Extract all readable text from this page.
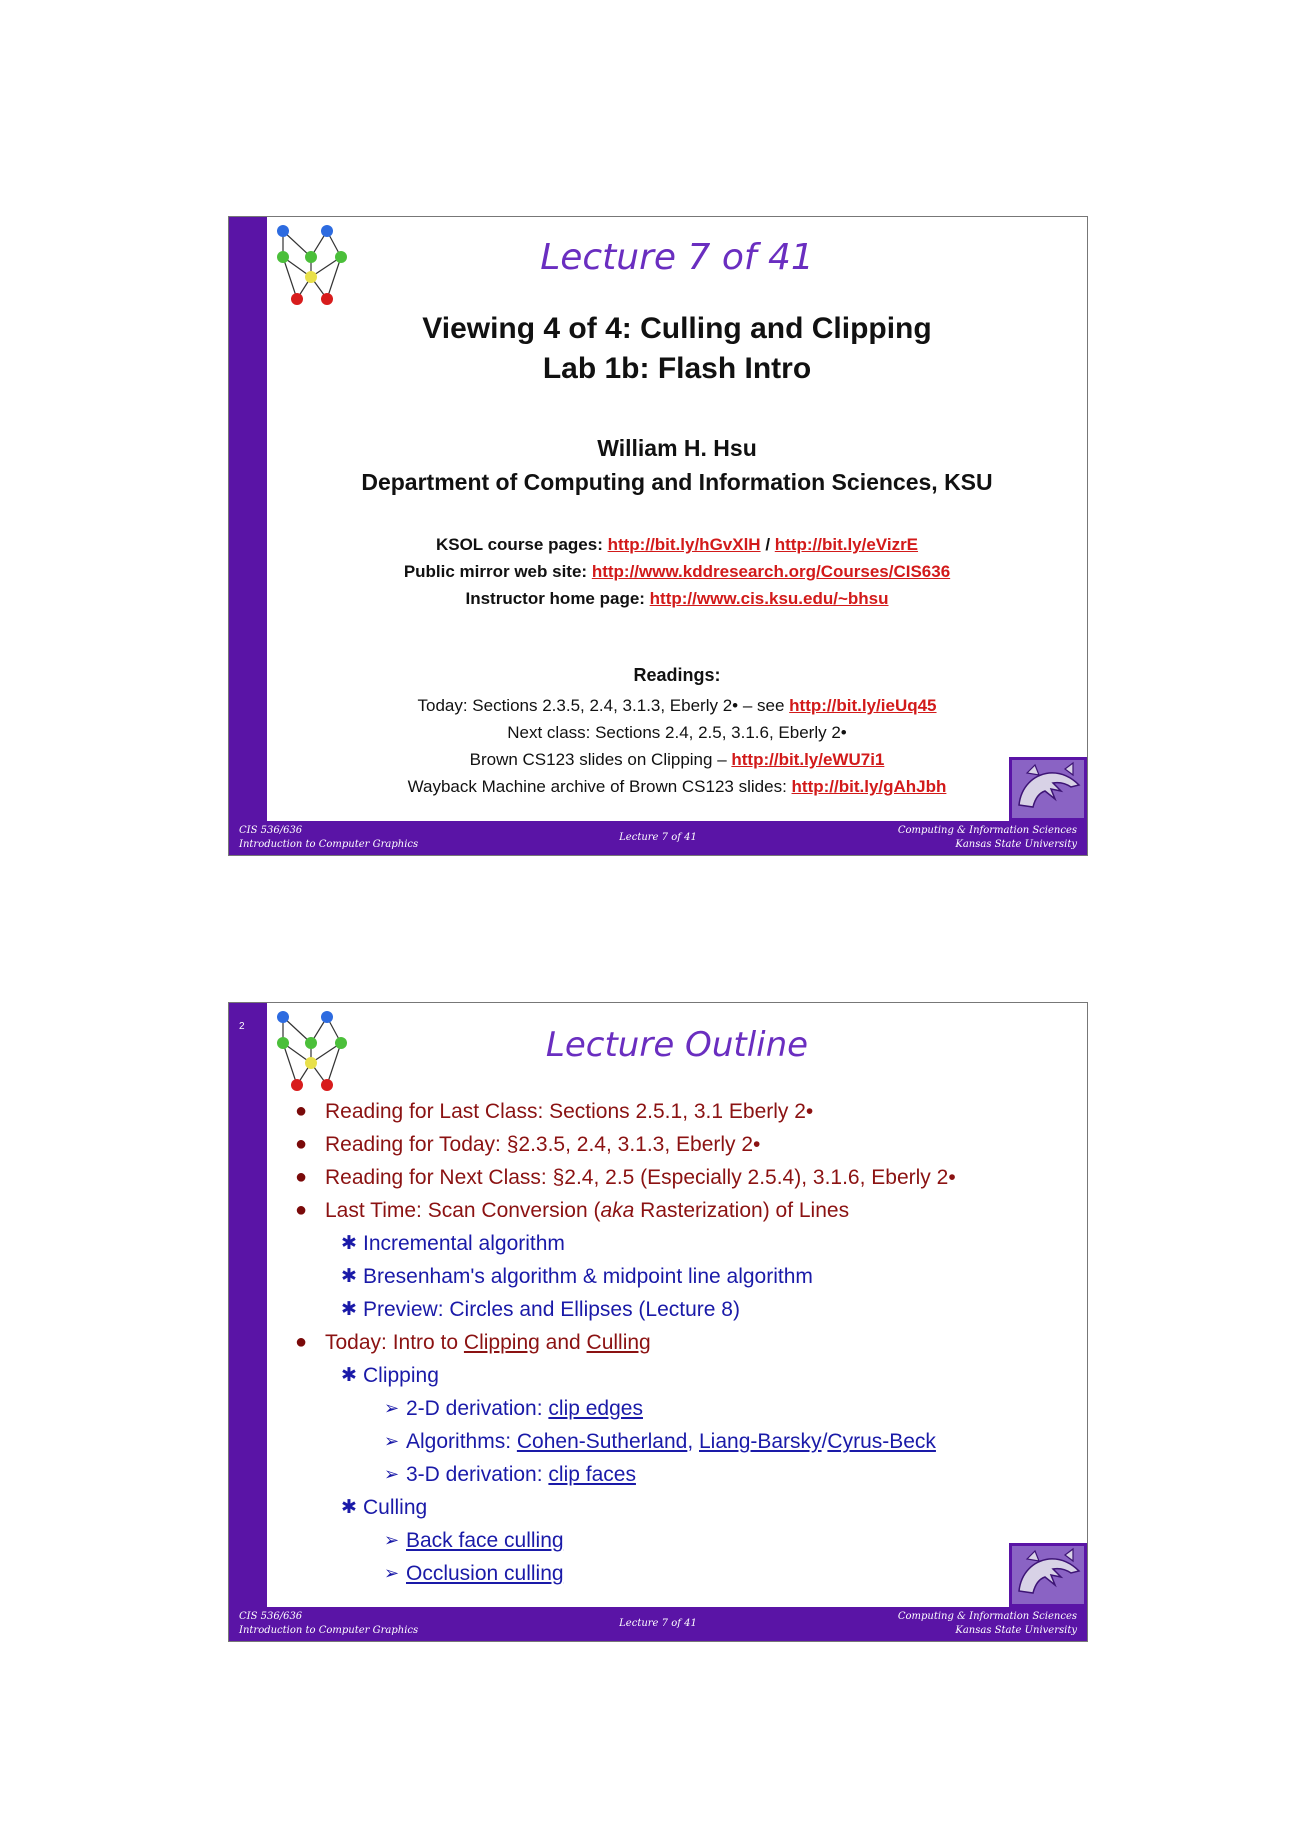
CIS 536/636
Introduction to Computer Graphics
Lecture 7 of 41
Computing & Information Sciences
Kansas State University
Lecture 7 of 41
Viewing 4 of 4: Culling and Clipping
Lab 1b: Flash Intro
William H. Hsu
Department of Computing and Information Sciences, KSU
KSOL course pages: http://bit.ly/hGvXlH / http://bit.ly/eVizrE
Public mirror web site: http://www.kddresearch.org/Courses/CIS636
Instructor home page: http://www.cis.ksu.edu/~bhsu
Readings:
Today: Sections 2.3.5, 2.4, 3.1.3, Eberly 2• – see http://bit.ly/ieUq45
Next class: Sections 2.4, 2.5, 3.1.6, Eberly 2•
Brown CS123 slides on Clipping – http://bit.ly/eWU7i1
Wayback Machine archive of Brown CS123 slides: http://bit.ly/gAhJbh
2
CIS 536/636
Introduction to Computer Graphics
Lecture 7 of 41
Computing & Information Sciences
Kansas State University
Lecture Outline
● Reading for Last Class: Sections 2.5.1, 3.1 Eberly 2•
● Reading for Today: §2.3.5, 2.4, 3.1.3, Eberly 2•
● Reading for Next Class: §2.4, 2.5 (Especially 2.5.4), 3.1.6, Eberly 2•
● Last Time: Scan Conversion (aka Rasterization) of Lines
✱ Incremental algorithm
✱ Bresenham's algorithm & midpoint line algorithm
✱ Preview: Circles and Ellipses (Lecture 8)
● Today: Intro to Clipping and Culling
✱ Clipping
➢ 2-D derivation: clip edges
➢ Algorithms: Cohen-Sutherland, Liang-Barsky/Cyrus-Beck
➢ 3-D derivation: clip faces
✱ Culling
➢ Back face culling
➢ Occlusion culling
